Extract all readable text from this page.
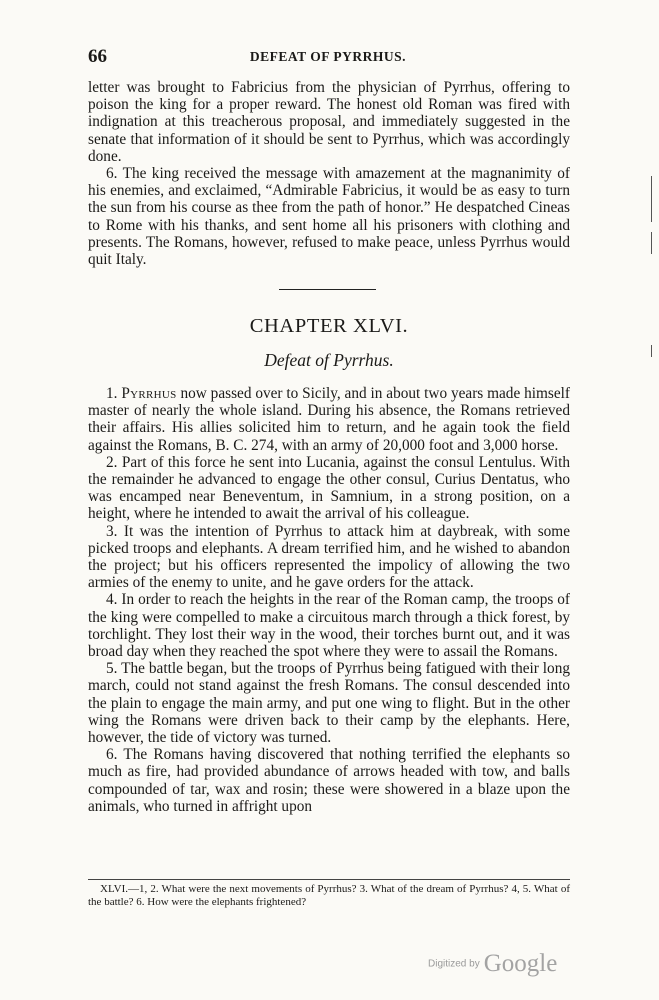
66	DEFEAT OF PYRRHUS.

letter was brought to Fabricius from the physician of Pyrrhus, offering to poison the king for a proper reward. The honest old Roman was fired with indignation at this treacherous proposal, and immediately suggested in the senate that information of it should be sent to Pyrrhus, which was accordingly done.

6. The king received the message with amazement at the magnanimity of his enemies, and exclaimed, “Admirable Fabricius, it would be as easy to turn the sun from his course as thee from the path of honor.” He despatched Cineas to Rome with his thanks, and sent home all his prisoners with clothing and presents. The Romans, however, refused to make peace, unless Pyrrhus would quit Italy.

CHAPTER XLVI.
Defeat of Pyrrhus.

1. Pyrrhus now passed over to Sicily, and in about two years made himself master of nearly the whole island. During his absence, the Romans retrieved their affairs. His allies solicited him to return, and he again took the field against the Romans, B. C. 274, with an army of 20,000 foot and 3,000 horse.

2. Part of this force he sent into Lucania, against the consul Lentulus. With the remainder he advanced to engage the other consul, Curius Dentatus, who was encamped near Beneventum, in Samnium, in a strong position, on a height, where he intended to await the arrival of his colleague.

3. It was the intention of Pyrrhus to attack him at daybreak, with some picked troops and elephants. A dream terrified him, and he wished to abandon the project; but his officers represented the impolicy of allowing the two armies of the enemy to unite, and he gave orders for the attack.

4. In order to reach the heights in the rear of the Roman camp, the troops of the king were compelled to make a circuitous march through a thick forest, by torchlight. They lost their way in the wood, their torches burnt out, and it was broad day when they reached the spot where they were to assail the Romans.

5. The battle began, but the troops of Pyrrhus being fatigued with their long march, could not stand against the fresh Romans. The consul descended into the plain to engage the main army, and put one wing to flight. But in the other wing the Romans were driven back to their camp by the elephants. Here, however, the tide of victory was turned.

6. The Romans having discovered that nothing terrified the elephants so much as fire, had provided abundance of arrows headed with tow, and balls compounded of tar, wax and rosin; these were showered in a blaze upon the animals, who turned in affright upon

XLVI.—1, 2. What were the next movements of Pyrrhus? 3. What of the dream of Pyrrhus? 4, 5. What of the battle? 6. How were the elephants frightened?

Digitized by Google
